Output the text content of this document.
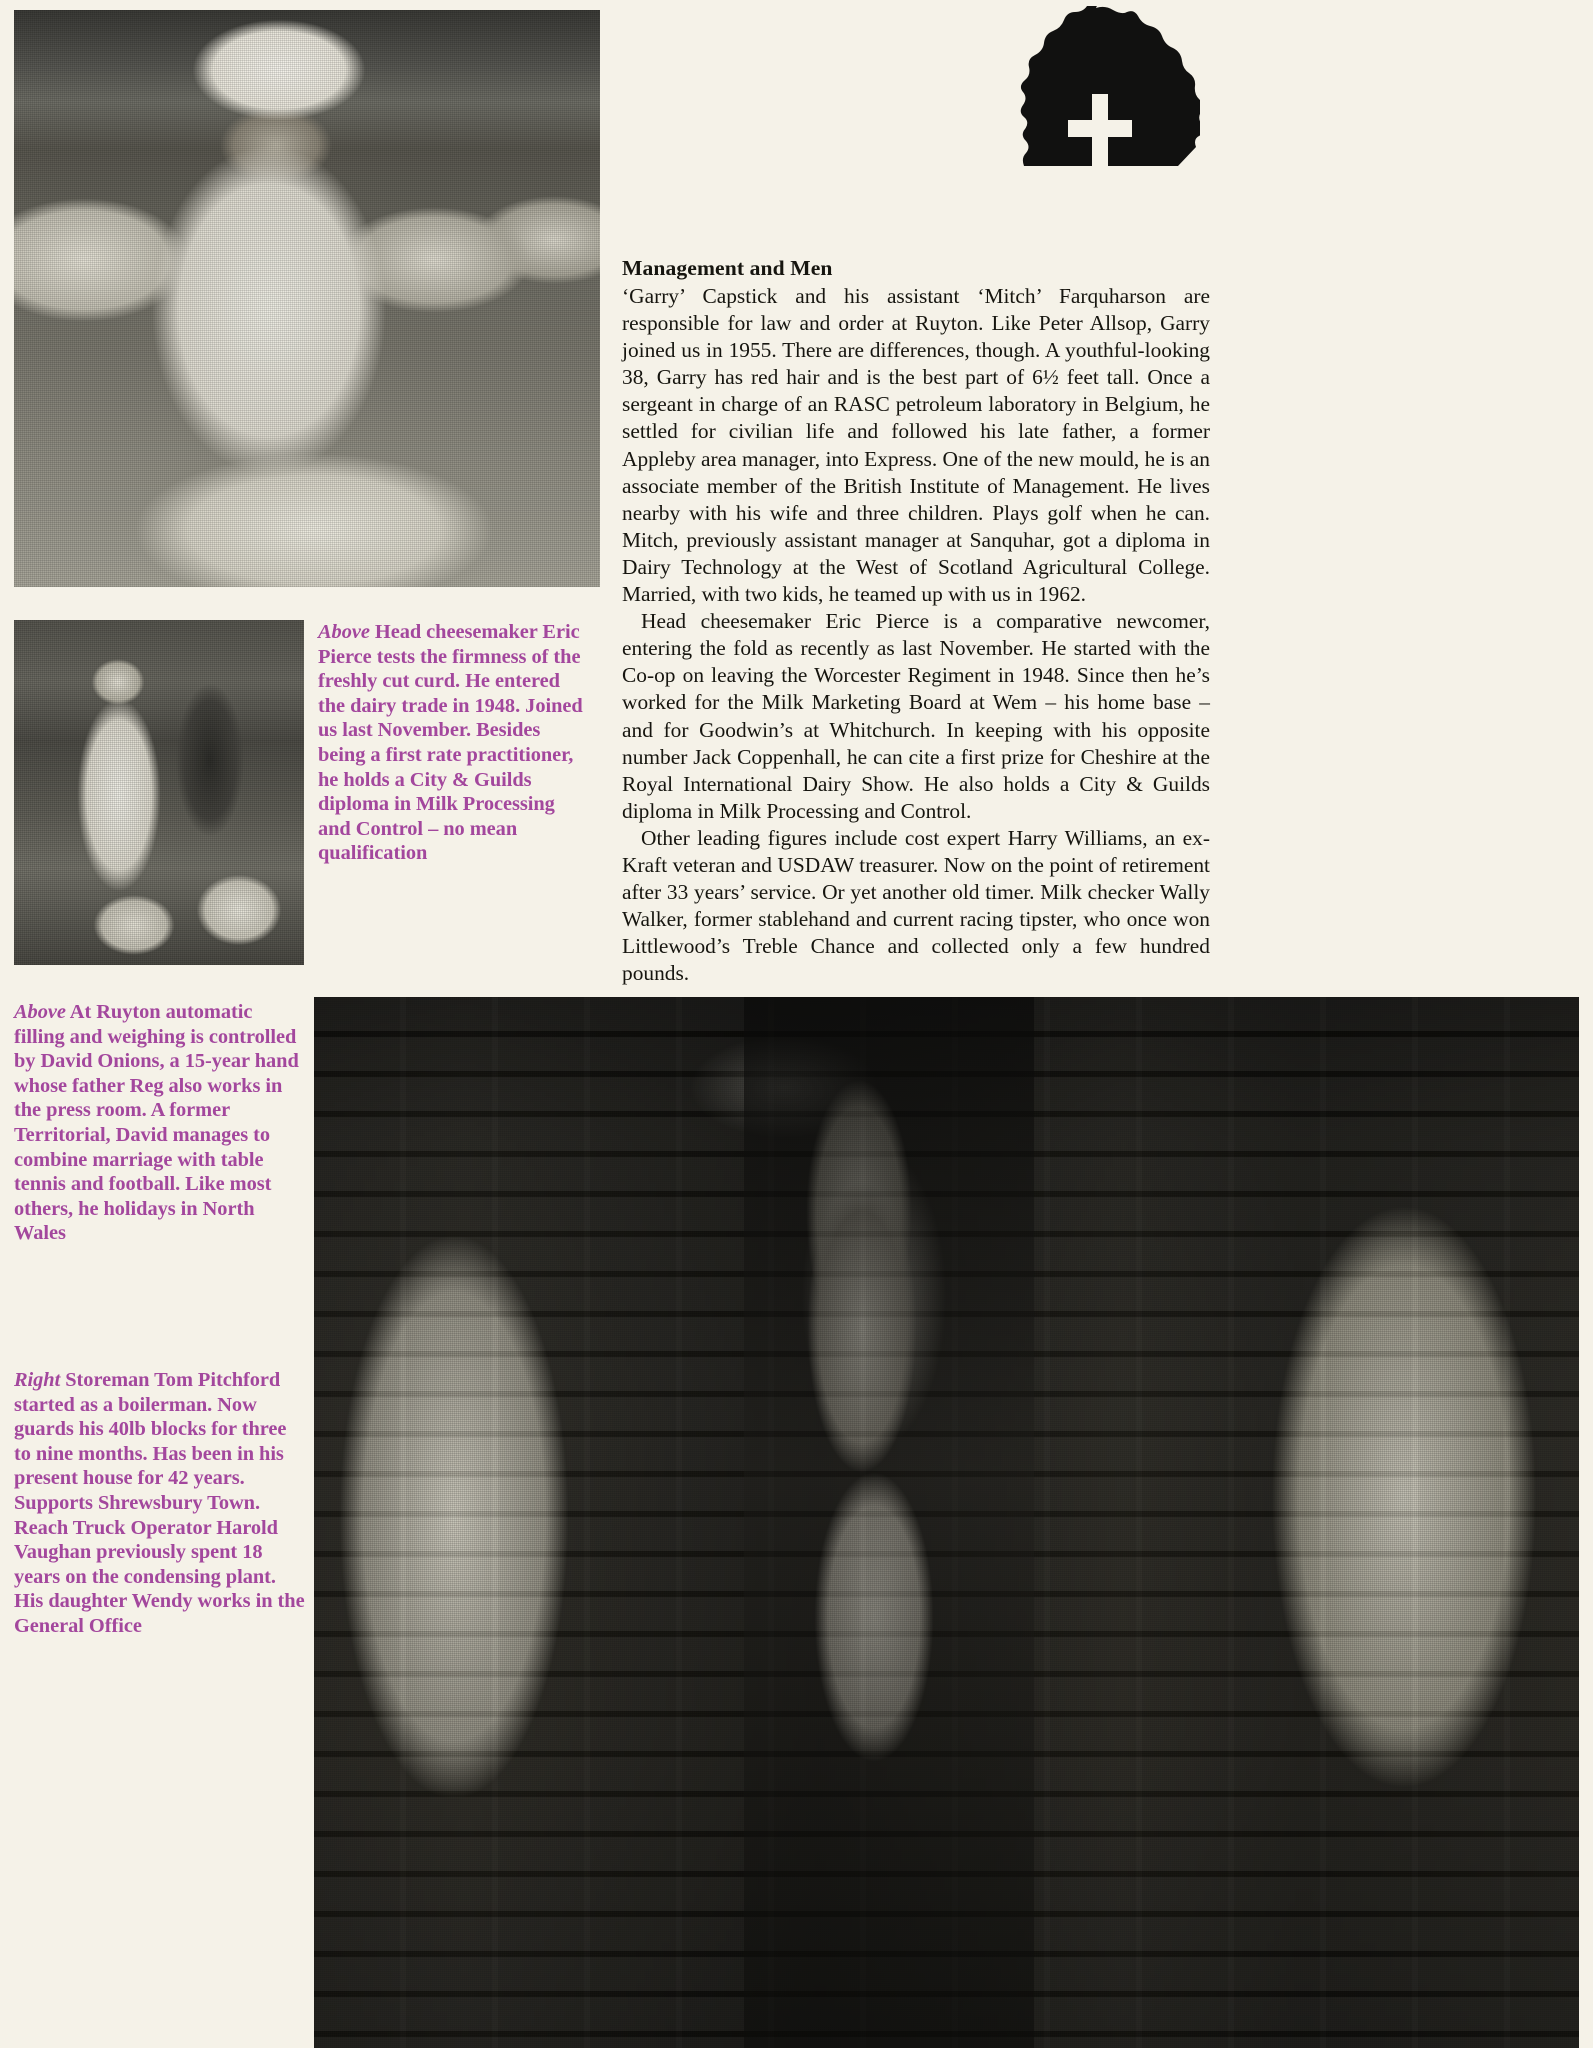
Management and Men

‘Garry’ Capstick and his assistant ‘Mitch’ Farquharson are responsible for law and order at Ruyton. Like Peter Allsop, Garry joined us in 1955. There are differences, though. A youthful-looking 38, Garry has red hair and is the best part of 6½ feet tall. Once a sergeant in charge of an RASC petroleum laboratory in Belgium, he settled for civilian life and followed his late father, a former Appleby area manager, into Express. One of the new mould, he is an associate member of the British Institute of Management. He lives nearby with his wife and three children. Plays golf when he can. Mitch, previously assistant manager at Sanquhar, got a diploma in Dairy Technology at the West of Scotland Agricultural College. Married, with two kids, he teamed up with us in 1962.

Head cheesemaker Eric Pierce is a comparative newcomer, entering the fold as recently as last November. He started with the Co-op on leaving the Worcester Regiment in 1948. Since then he’s worked for the Milk Marketing Board at Wem – his home base – and for Goodwin’s at Whitchurch. In keeping with his opposite number Jack Coppenhall, he can cite a first prize for Cheshire at the Royal International Dairy Show. He also holds a City & Guilds diploma in Milk Processing and Control.

Other leading figures include cost expert Harry Williams, an ex-Kraft veteran and USDAW treasurer. Now on the point of retirement after 33 years’ service. Or yet another old timer. Milk checker Wally Walker, former stablehand and current racing tipster, who once won Littlewood’s Treble Chance and collected only a few hundred pounds.

Above Head cheesemaker Eric Pierce tests the firmness of the freshly cut curd. He entered the dairy trade in 1948. Joined us last November. Besides being a first rate practitioner, he holds a City & Guilds diploma in Milk Processing and Control – no mean qualification
Above At Ruyton automatic filling and weighing is controlled by David Onions, a 15-year hand whose father Reg also works in the press room. A former Territorial, David manages to combine marriage with table tennis and football. Like most others, he holidays in North Wales
Right Storeman Tom Pitchford started as a boilerman. Now guards his 40lb blocks for three to nine months. Has been in his present house for 42 years. Supports Shrewsbury Town. Reach Truck Operator Harold Vaughan previously spent 18 years on the condensing plant. His daughter Wendy works in the General Office
